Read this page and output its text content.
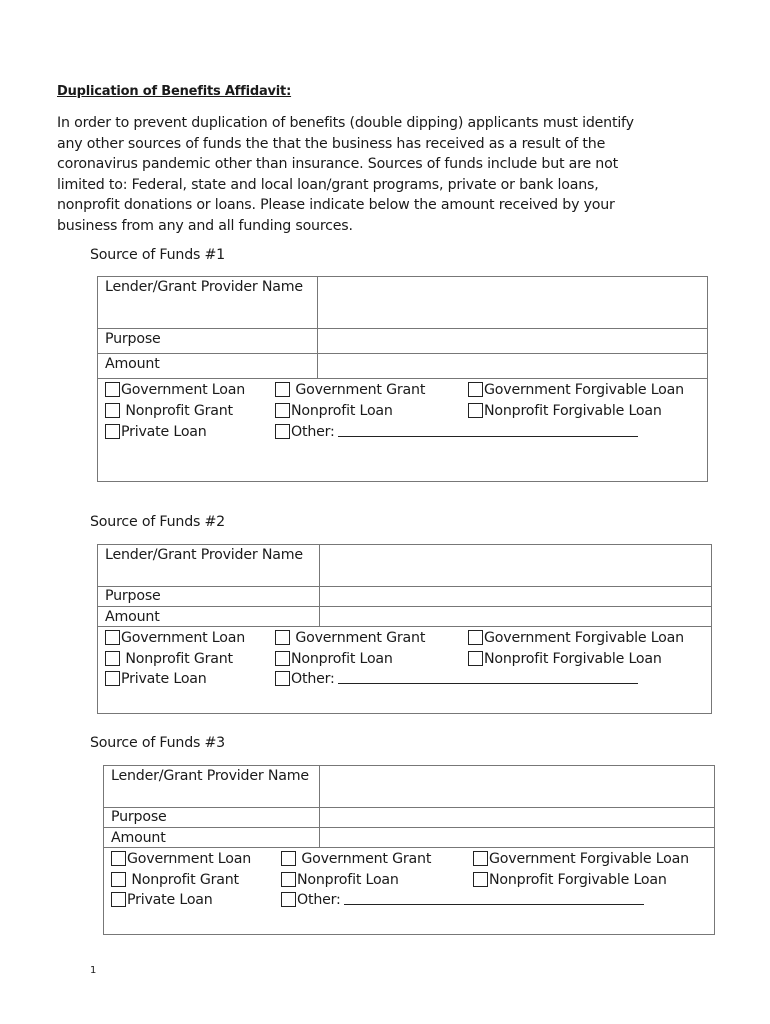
Duplication of Benefits Affidavit:
In order to prevent duplication of benefits (double dipping) applicants must identify
any other sources of funds the that the business has received as a result of the
coronavirus pandemic other than insurance. Sources of funds include but are not
limited to: Federal, state and local loan/grant programs, private or bank loans,
nonprofit donations or loans. Please indicate below the amount received by your
business from any and all funding sources.
Source of Funds #1
Lender/Grant Provider Name
Purpose
Amount
Government Loan	Government Grant	Government Forgivable Loan
Nonprofit Grant	Nonprofit Loan	Nonprofit Forgivable Loan
Private Loan	Other:
Source of Funds #2
Lender/Grant Provider Name
Purpose
Amount
Government Loan	Government Grant	Government Forgivable Loan
Nonprofit Grant	Nonprofit Loan	Nonprofit Forgivable Loan
Private Loan	Other:
Source of Funds #3
Lender/Grant Provider Name
Purpose
Amount
Government Loan	Government Grant	Government Forgivable Loan
Nonprofit Grant	Nonprofit Loan	Nonprofit Forgivable Loan
Private Loan	Other:
1
